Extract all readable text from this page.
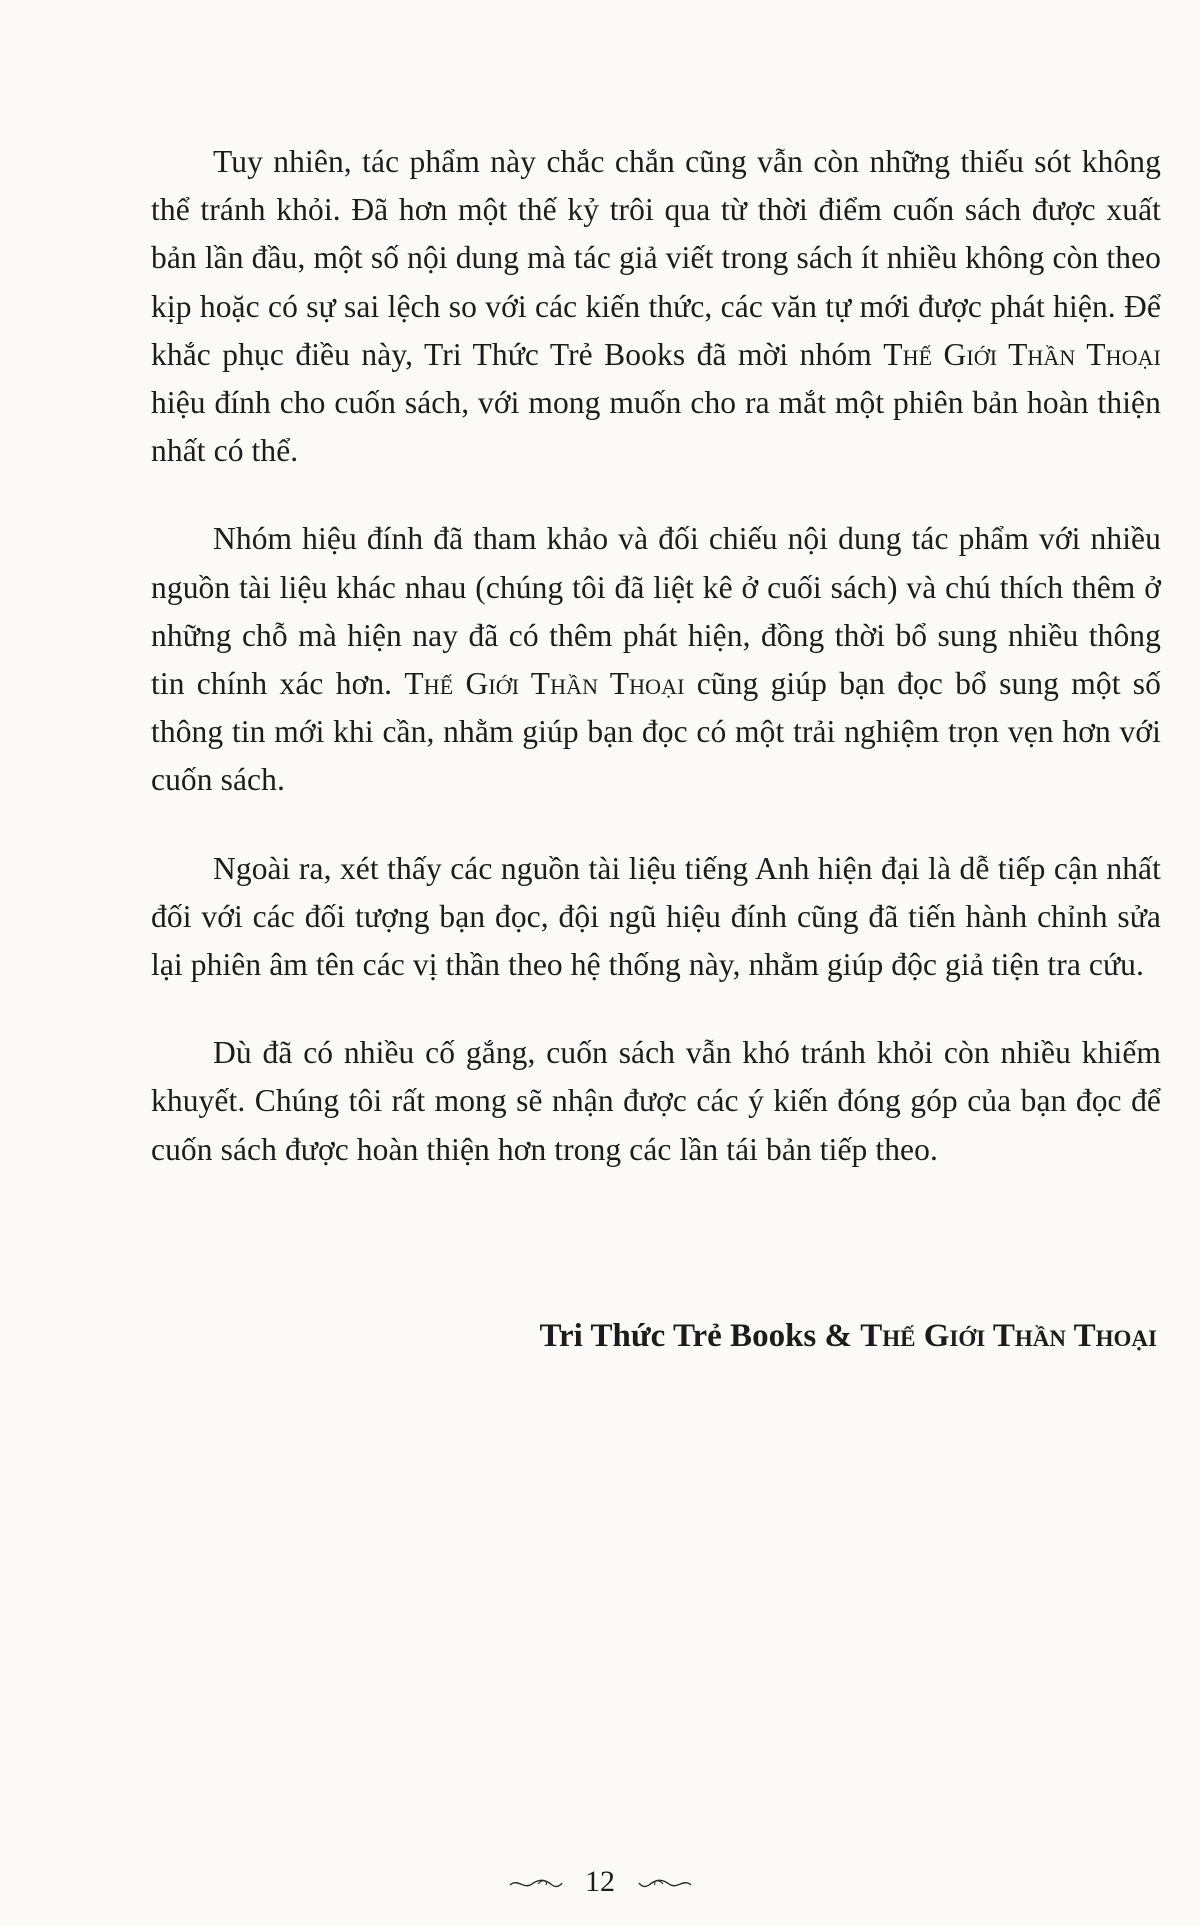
Tuy nhiên, tác phẩm này chắc chắn cũng vẫn còn những thiếu sót không thể tránh khỏi. Đã hơn một thế kỷ trôi qua từ thời điểm cuốn sách được xuất bản lần đầu, một số nội dung mà tác giả viết trong sách ít nhiều không còn theo kịp hoặc có sự sai lệch so với các kiến thức, các văn tự mới được phát hiện. Để khắc phục điều này, Tri Thức Trẻ Books đã mời nhóm Thế Giới Thần Thoại hiệu đính cho cuốn sách, với mong muốn cho ra mắt một phiên bản hoàn thiện nhất có thể.

Nhóm hiệu đính đã tham khảo và đối chiếu nội dung tác phẩm với nhiều nguồn tài liệu khác nhau (chúng tôi đã liệt kê ở cuối sách) và chú thích thêm ở những chỗ mà hiện nay đã có thêm phát hiện, đồng thời bổ sung nhiều thông tin chính xác hơn. Thế Giới Thần Thoại cũng giúp bạn đọc bổ sung một số thông tin mới khi cần, nhằm giúp bạn đọc có một trải nghiệm trọn vẹn hơn với cuốn sách.

Ngoài ra, xét thấy các nguồn tài liệu tiếng Anh hiện đại là dễ tiếp cận nhất đối với các đối tượng bạn đọc, đội ngũ hiệu đính cũng đã tiến hành chỉnh sửa lại phiên âm tên các vị thần theo hệ thống này, nhằm giúp độc giả tiện tra cứu.

Dù đã có nhiều cố gắng, cuốn sách vẫn khó tránh khỏi còn nhiều khiếm khuyết. Chúng tôi rất mong sẽ nhận được các ý kiến đóng góp của bạn đọc để cuốn sách được hoàn thiện hơn trong các lần tái bản tiếp theo.

Tri Thức Trẻ Books & Thế Giới Thần Thoại
12
